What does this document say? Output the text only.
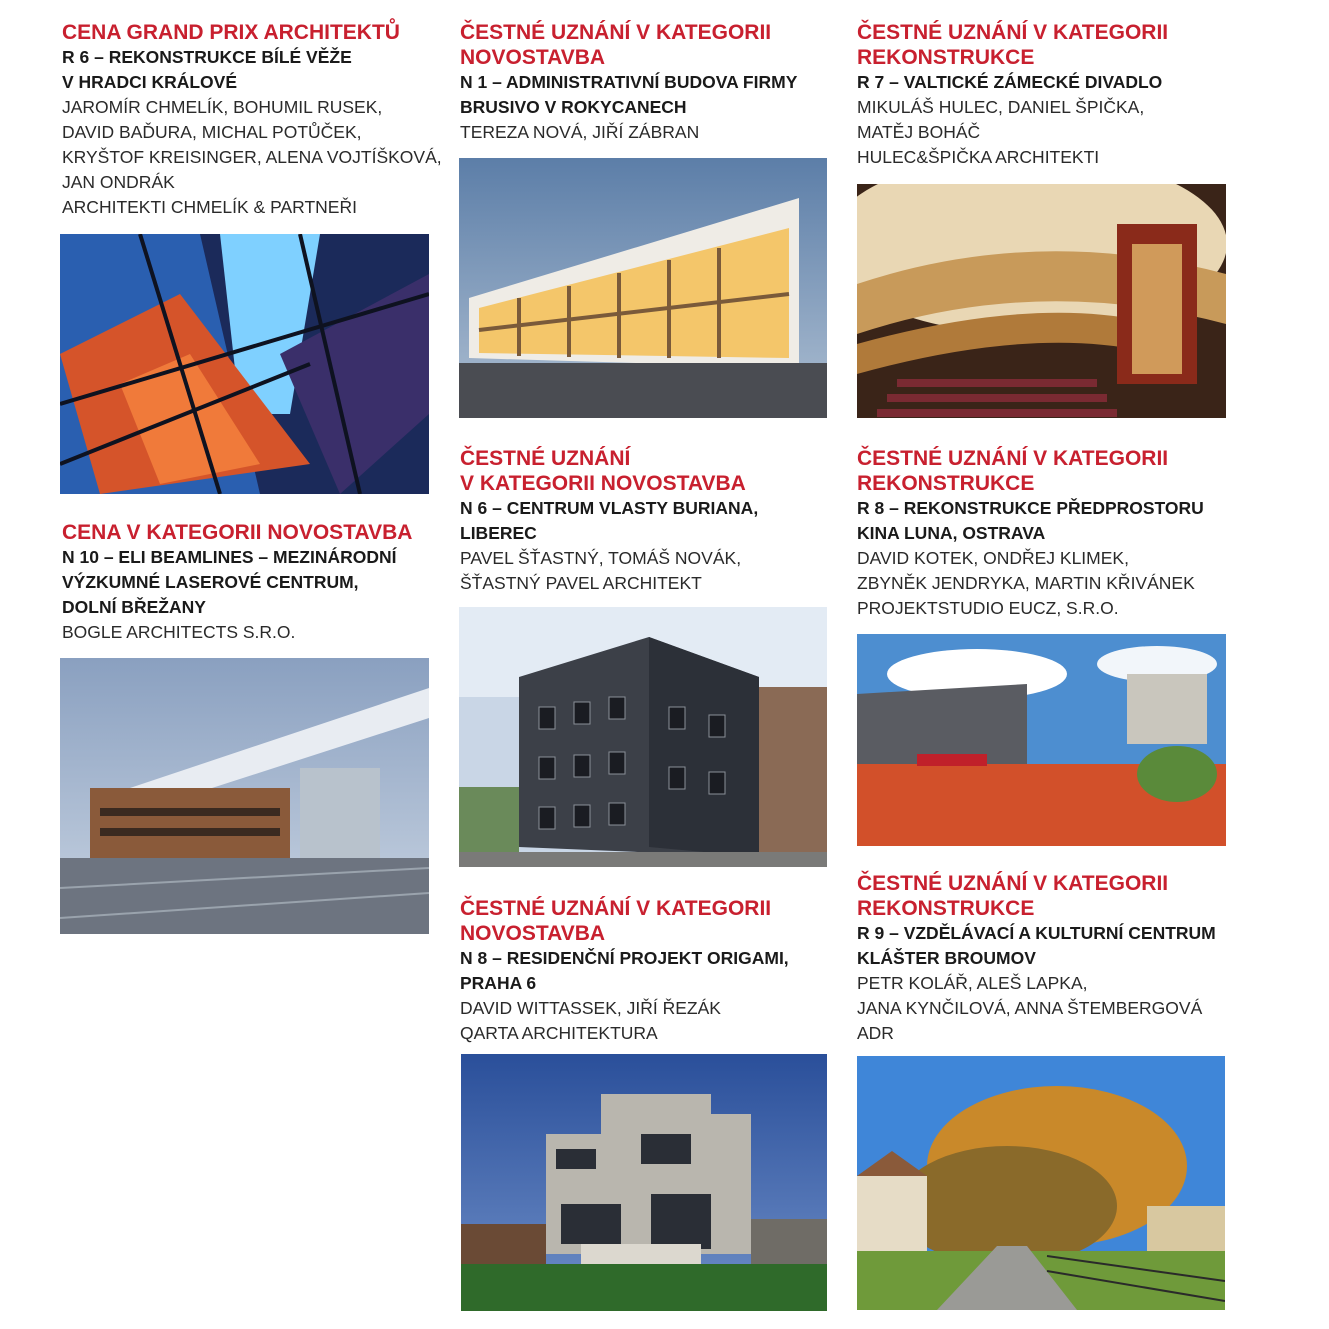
CENA GRAND PRIX ARCHITEKTŮ

R 6 – REKONSTRUKCE BÍLÉ VĚŽE

V HRADCI KRÁLOVÉ

JAROMÍR CHMELÍK, BOHUMIL RUSEK,

DAVID BAĎURA, MICHAL POTŮČEK,

KRYŠTOF KREISINGER, ALENA VOJTÍŠKOVÁ,

JAN ONDRÁK

ARCHITEKTI CHMELÍK & PARTNEŘI

CENA V KATEGORII NOVOSTAVBA

N 10 – ELI BEAMLINES – MEZINÁRODNÍ

VÝZKUMNÉ LASEROVÉ CENTRUM,

DOLNÍ BŘEŽANY

BOGLE ARCHITECTS S.R.O.

ČESTNÉ UZNÁNÍ V KATEGORII

NOVOSTAVBA

N 1 – ADMINISTRATIVNÍ BUDOVA FIRMY

BRUSIVO V ROKYCANECH

TEREZA NOVÁ, JIŘÍ ZÁBRAN

ČESTNÉ UZNÁNÍ

V KATEGORII NOVOSTAVBA

N 6 – CENTRUM VLASTY BURIANA,

LIBEREC

PAVEL ŠŤASTNÝ, TOMÁŠ NOVÁK,

ŠŤASTNÝ PAVEL ARCHITEKT

ČESTNÉ UZNÁNÍ V KATEGORII

NOVOSTAVBA

N 8 – RESIDENČNÍ PROJEKT ORIGAMI,

PRAHA 6

DAVID WITTASSEK, JIŘÍ ŘEZÁK

QARTA ARCHITEKTURA

ČESTNÉ UZNÁNÍ V KATEGORII

REKONSTRUKCE

R 7 – VALTICKÉ ZÁMECKÉ DIVADLO

MIKULÁŠ HULEC, DANIEL ŠPIČKA,

MATĚJ BOHÁČ

HULEC&ŠPIČKA ARCHITEKTI

ČESTNÉ UZNÁNÍ V KATEGORII

REKONSTRUKCE

R 8 – REKONSTRUKCE PŘEDPROSTORU

KINA LUNA, OSTRAVA

DAVID KOTEK, ONDŘEJ KLIMEK,

ZBYNĚK JENDRYKA, MARTIN KŘIVÁNEK

PROJEKTSTUDIO EUCZ, S.R.O.

ČESTNÉ UZNÁNÍ V KATEGORII

REKONSTRUKCE

R 9 – VZDĚLÁVACÍ A KULTURNÍ CENTRUM

KLÁŠTER BROUMOV

PETR KOLÁŘ, ALEŠ LAPKA,

JANA KYNČILOVÁ, ANNA ŠTEMBERGOVÁ

ADR
